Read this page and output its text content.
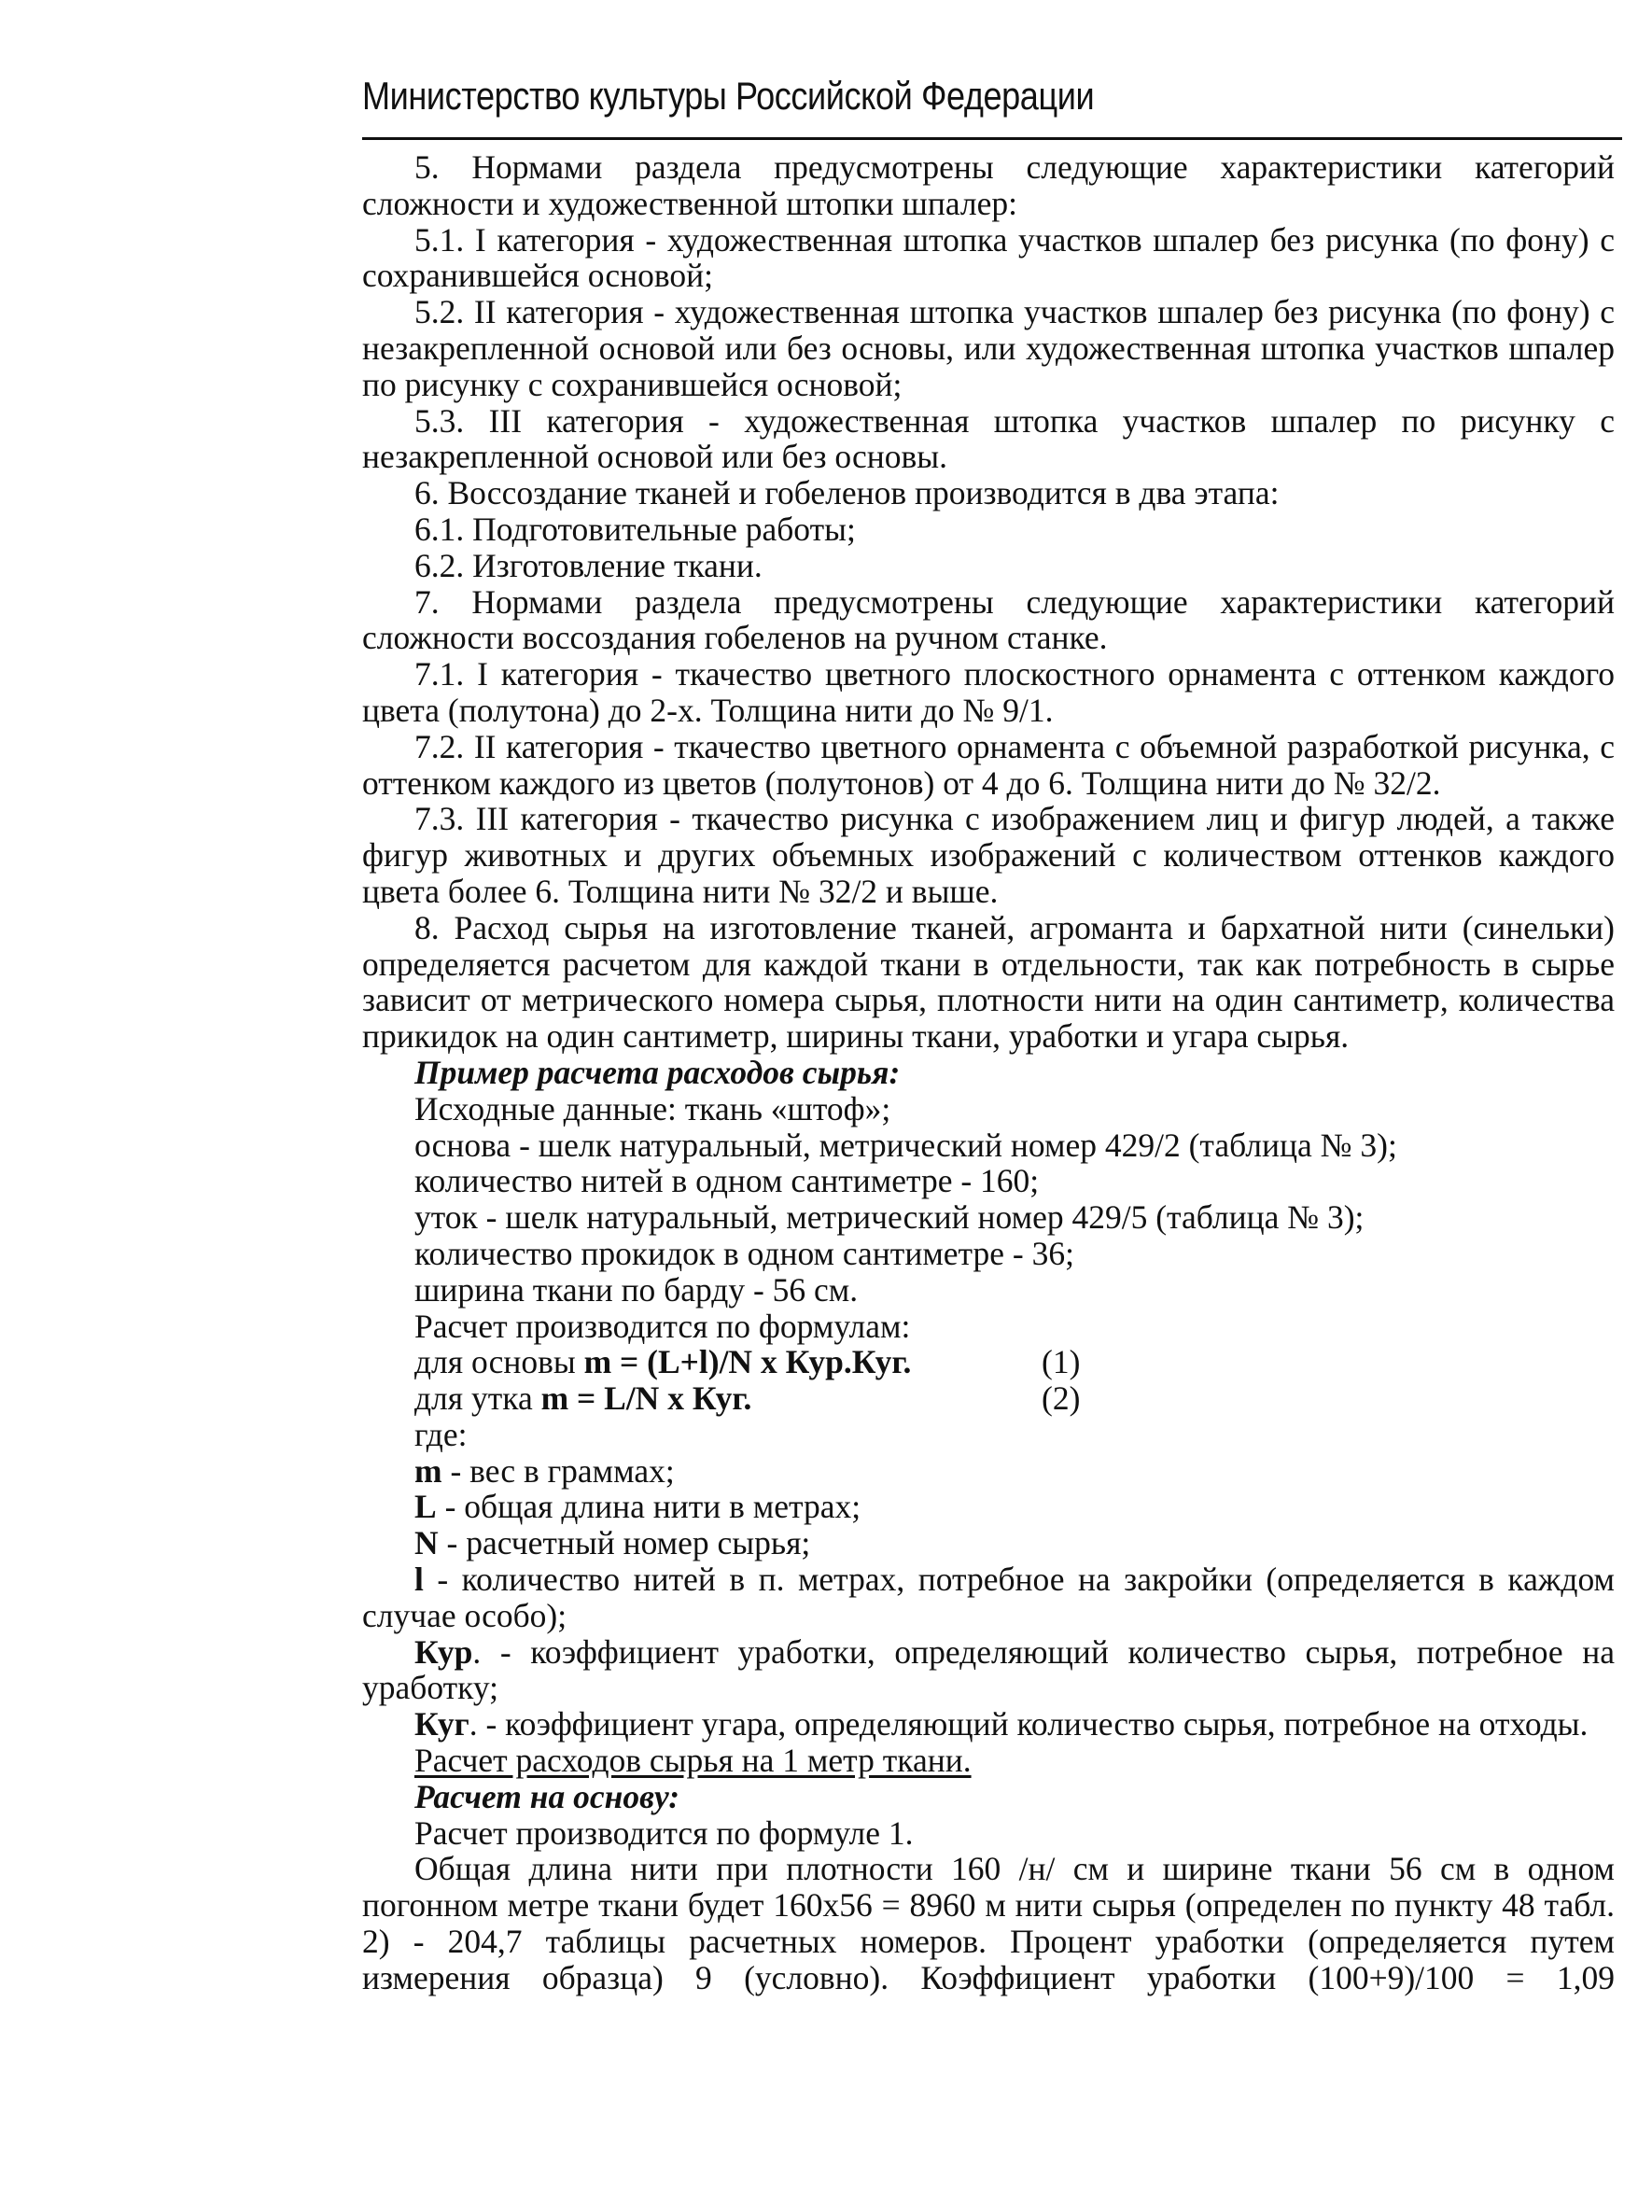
Министерство культуры Российской Федерации

5. Нормами раздела предусмотрены следующие характеристики категорий сложности и художественной штопки шпалер:

5.1. I категория - художественная штопка участков шпалер без рисунка (по фону) с сохранившейся основой;

5.2. II категория - художественная штопка участков шпалер без рисунка (по фону) с незакрепленной основой или без основы, или художественная штопка участков шпалер по рисунку с сохранившейся основой;

5.3. III категория - художественная штопка участков шпалер по рисунку с незакрепленной основой или без основы.

6. Воссоздание тканей и гобеленов производится в два этапа:

6.1. Подготовительные работы;

6.2. Изготовление ткани.

7. Нормами раздела предусмотрены следующие характеристики категорий сложности воссоздания гобеленов на ручном станке.

7.1. I категория - ткачество цветного плоскостного орнамента с оттенком каждого цвета (полутона) до 2-х. Толщина нити до № 9/1.

7.2. II категория - ткачество цветного орнамента с объемной разработкой рисунка, с оттенком каждого из цветов (полутонов) от 4 до 6. Толщина нити до № 32/2.

7.3. III категория - ткачество рисунка с изображением лиц и фигур людей, а также фигур животных и других объемных изображений с количеством оттенков каждого цвета более 6. Толщина нити № 32/2 и выше.

8. Расход сырья на изготовление тканей, агроманта и бархатной нити (синельки) определяется расчетом для каждой ткани в отдельности, так как потребность в сырье зависит от метрического номера сырья, плотности нити на один сантиметр, количества прикидок на один сантиметр, ширины ткани, уработки и угара сырья.

Пример расчета расходов сырья:

Исходные данные: ткань «штоф»;

основа - шелк натуральный, метрический номер 429/2 (таблица № 3);

количество нитей в одном сантиметре - 160;

уток - шелк натуральный, метрический номер 429/5 (таблица № 3);

количество прокидок в одном сантиметре - 36;

ширина ткани по барду - 56 см.

Расчет производится по формулам:

для основы m = (L+l)/N x Кур.Куг.	(1)

для утка m = L/N x Куг.	(2)

где:

m - вес в граммах;

L - общая длина нити в метрах;

N - расчетный номер сырья;

l - количество нитей в п. метрах, потребное на закройки (определяется в каждом случае особо);

Кур. - коэффициент уработки, определяющий количество сырья, потребное на уработку;

Куг. - коэффициент угара, определяющий количество сырья, потребное на отходы.

Расчет расходов сырья на 1 метр ткани.

Расчет на основу:

Расчет производится по формуле 1.

Общая длина нити при плотности 160 /н/ см и ширине ткани 56 см в одном погонном метре ткани будет 160x56 = 8960 м нити сырья (определен по пункту 48 табл. 2) - 204,7 таблицы расчетных номеров. Процент уработки (определяется путем измерения образца) 9 (условно). Коэффициент уработки (100+9)/100 = 1,09
